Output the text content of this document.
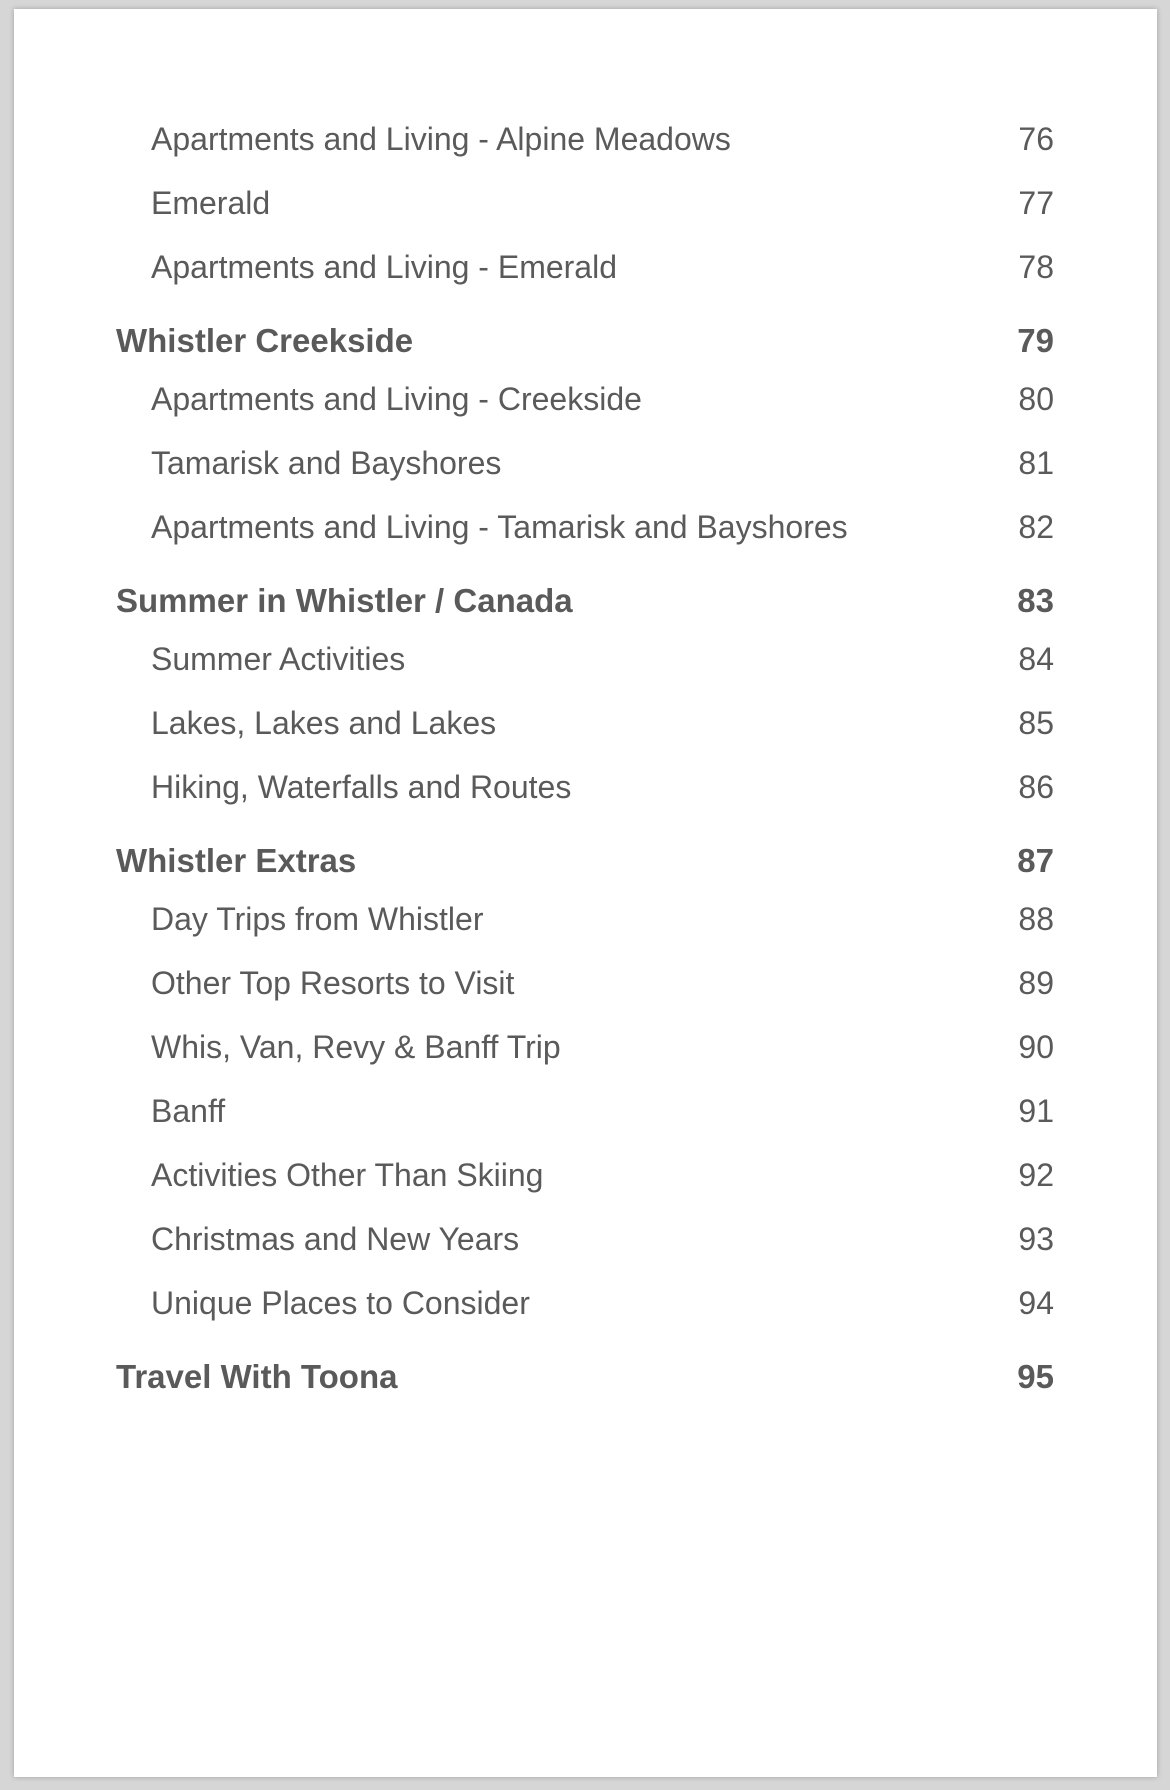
Apartments and Living - Alpine Meadows	76
Emerald	77
Apartments and Living - Emerald	78
Whistler Creekside	79
Apartments and Living - Creekside	80
Tamarisk and Bayshores	81
Apartments and Living - Tamarisk and Bayshores	82
Summer in Whistler / Canada	83
Summer Activities	84
Lakes, Lakes and Lakes	85
Hiking, Waterfalls and Routes	86
Whistler Extras	87
Day Trips from Whistler	88
Other Top Resorts to Visit	89
Whis, Van, Revy & Banff Trip	90
Banff	91
Activities Other Than Skiing	92
Christmas and New Years	93
Unique Places to Consider	94
Travel With Toona	95
